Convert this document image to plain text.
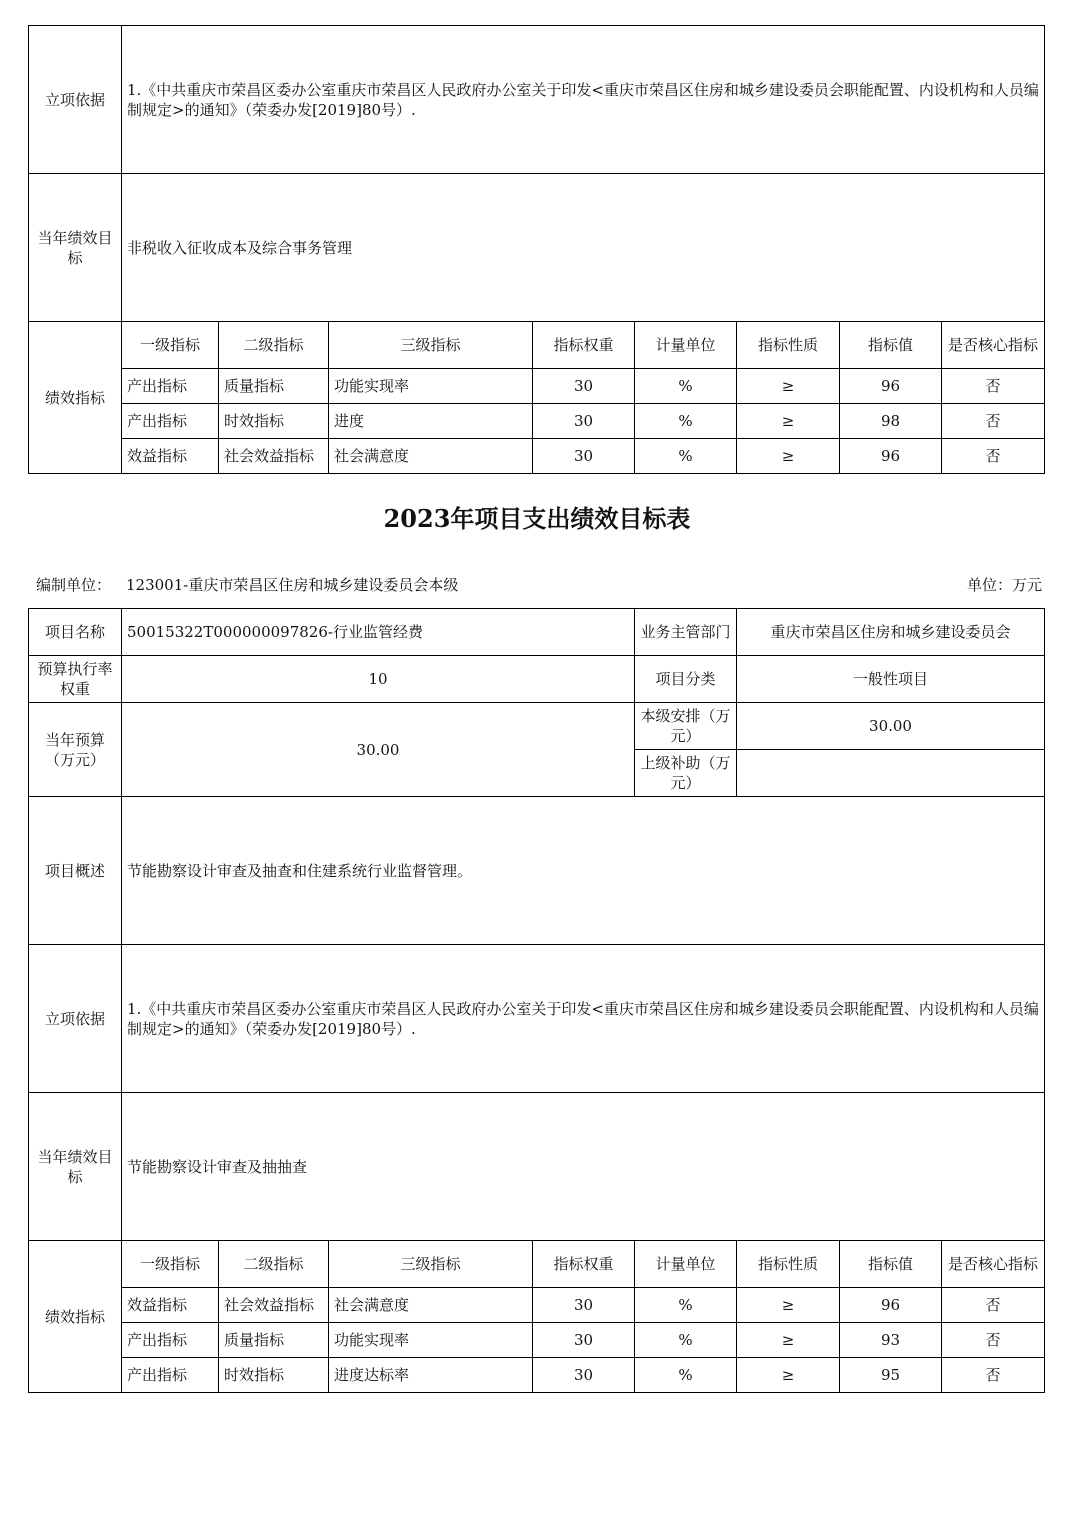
立项依据	1.《中共重庆市荣昌区委办公室重庆市荣昌区人民政府办公室关于印发<重庆市荣昌区住房和城乡建设委员会职能配置、内设机构和人员编制规定>的通知》（荣委办发[2019]80号）.							
当年绩效目标	非税收入征收成本及综合事务管理							
绩效指标	一级指标	二级指标	三级指标	指标权重	计量单位	指标性质	指标值	是否核心指标
	产出指标	质量指标	功能实现率	30	%	≥	96	否
	产出指标	时效指标	进度	30	%	≥	98	否
	效益指标	社会效益指标	社会满意度	30	%	≥	96	否
2023年项目支出绩效目标表
编制单位： 123001-重庆市荣昌区住房和城乡建设委员会本级	单位：万元
项目名称	50015322T000000097826-行业监管经费				业务主管部门	重庆市荣昌区住房和城乡建设委员会		
预算执行率权重	10				项目分类	一般性项目		
当年预算（万元）	30.00				本级安排（万元）	30.00		
					上级补助（万元）			
项目概述	节能勘察设计审查及抽查和住建系统行业监督管理。							
立项依据	1.《中共重庆市荣昌区委办公室重庆市荣昌区人民政府办公室关于印发<重庆市荣昌区住房和城乡建设委员会职能配置、内设机构和人员编制规定>的通知》（荣委办发[2019]80号）.							
当年绩效目标	节能勘察设计审查及抽抽查							
绩效指标	一级指标	二级指标	三级指标	指标权重	计量单位	指标性质	指标值	是否核心指标
	效益指标	社会效益指标	社会满意度	30	%	≥	96	否
	产出指标	质量指标	功能实现率	30	%	≥	93	否
	产出指标	时效指标	进度达标率	30	%	≥	95	否
